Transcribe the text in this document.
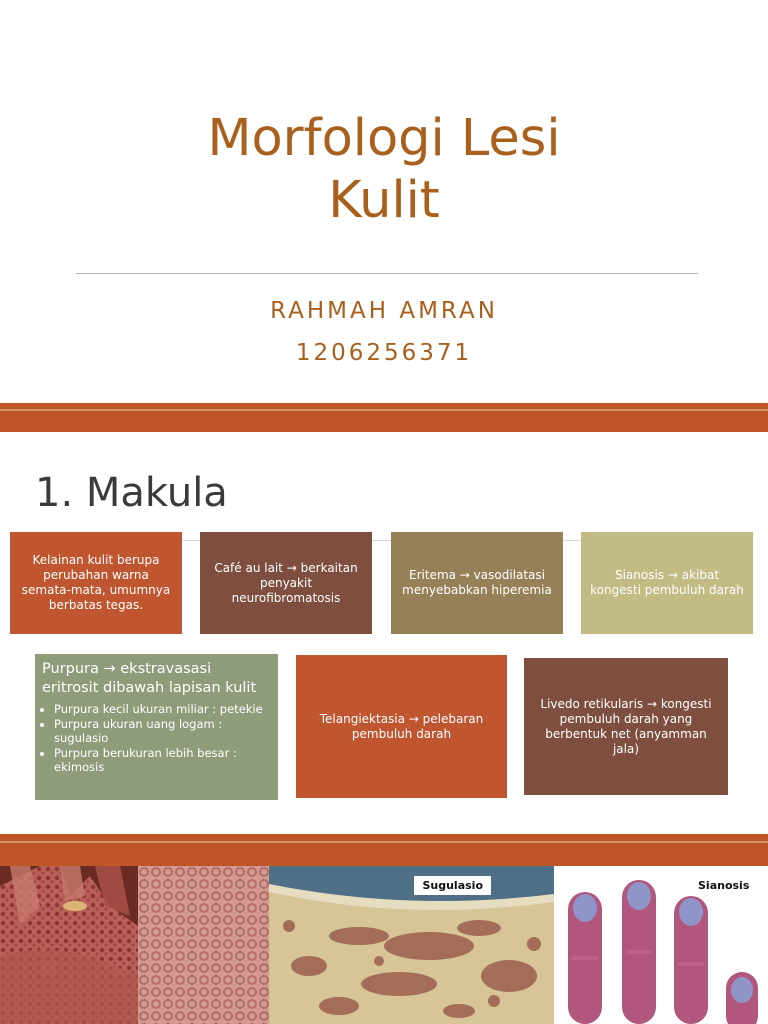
Morfologi Lesi
Kulit
RAHMAH AMRAN
1206256371
1. Makula
Kelainan kulit berupa perubahan warna semata-mata, umumnya berbatas tegas.
Café au lait → berkaitan penyakit neurofibromatosis
Eritema → vasodilatasi menyebabkan hiperemia
Sianosis → akibat kongesti pembuluh darah
Purpura → ekstravasasi eritrosit dibawah lapisan kulit
• Purpura kecil ukuran miliar : petekie
• Purpura ukuran uang logam : sugulasio
• Purpura berukuran lebih besar : ekimosis
Telangiektasia → pelebaran pembuluh darah
Livedo retikularis → kongesti pembuluh darah yang berbentuk net (anyamman jala)
Sugulasio	Sianosis
